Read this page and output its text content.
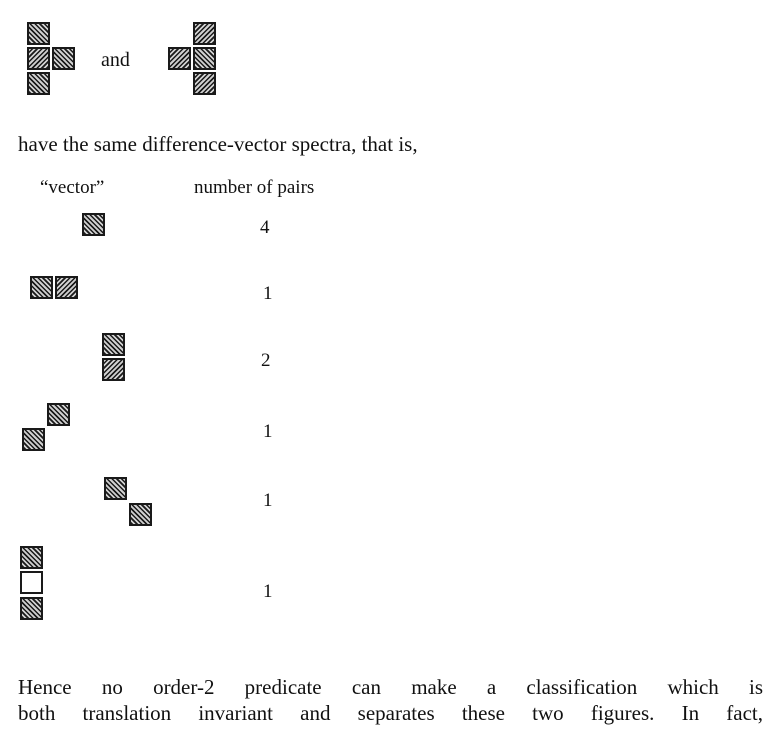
and
have the same difference-vector spectra, that is,
“vector”	number of pairs
4
1
2
1
1
1
Hence no order-2 predicate can make a classification which is
both translation invariant and separates these two figures. In fact,
